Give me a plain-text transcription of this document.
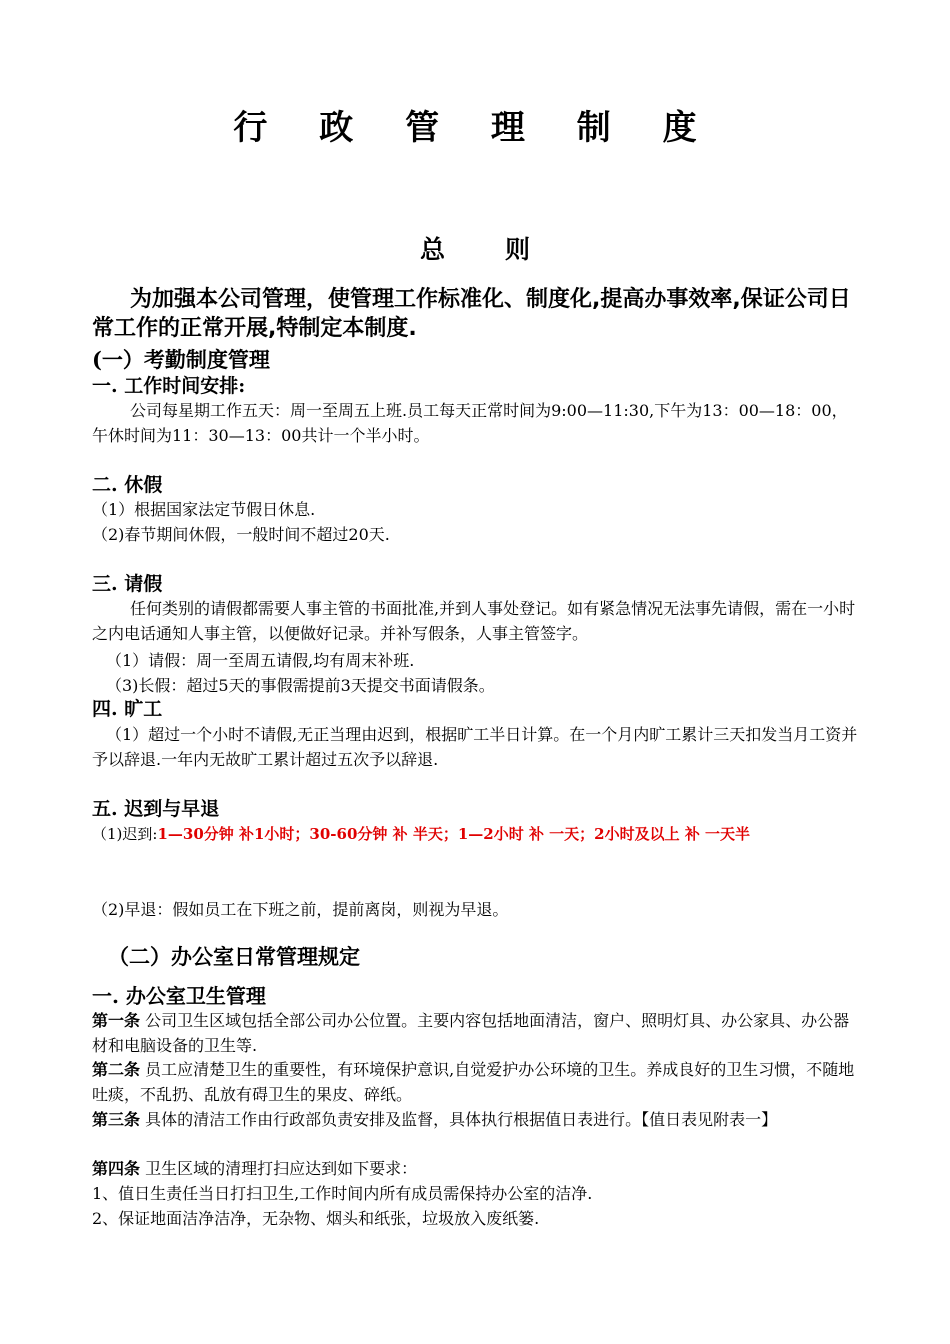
行 政 管 理 制 度
总 则
为加强本公司管理，使管理工作标准化、制度化,提高办事效率,保证公司日常工作的正常开展,特制定本制度.
(一）考勤制度管理
一. 工作时间安排:
公司每星期工作五天：周一至周五上班.员工每天正常时间为9:00—11:30,下午为13：00—18：00，午休时间为11：30—13：00共计一个半小时。
二. 休假
（1）根据国家法定节假日休息.
（2)春节期间休假，一般时间不超过20天.
三. 请假
任何类别的请假都需要人事主管的书面批准,并到人事处登记。如有紧急情况无法事先请假，需在一小时之内电话通知人事主管，以便做好记录。并补写假条，人事主管签字。
（1）请假：周一至周五请假,均有周末补班.
（3)长假：超过5天的事假需提前3天提交书面请假条。
四. 旷工
（1）超过一个小时不请假,无正当理由迟到，根据旷工半日计算。在一个月内旷工累计三天扣发当月工资并予以辞退.一年内无故旷工累计超过五次予以辞退.
五. 迟到与早退
（1)迟到:1—30分钟 补1小时；30-60分钟 补 半天；1—2小时 补 一天；2小时及以上 补 一天半
（2)早退：假如员工在下班之前，提前离岗，则视为早退。
（二）办公室日常管理规定
一. 办公室卫生管理
第一条 公司卫生区域包括全部公司办公位置。主要内容包括地面清洁，窗户、照明灯具、办公家具、办公器材和电脑设备的卫生等.
第二条 员工应清楚卫生的重要性，有环境保护意识,自觉爱护办公环境的卫生。养成良好的卫生习惯，不随地吐痰，不乱扔、乱放有碍卫生的果皮、碎纸。
第三条 具体的清洁工作由行政部负责安排及监督，具体执行根据值日表进行。【值日表见附表一】
第四条 卫生区域的清理打扫应达到如下要求：
1、值日生责任当日打扫卫生,工作时间内所有成员需保持办公室的洁净.
2、保证地面洁净洁净，无杂物、烟头和纸张，垃圾放入废纸篓.
